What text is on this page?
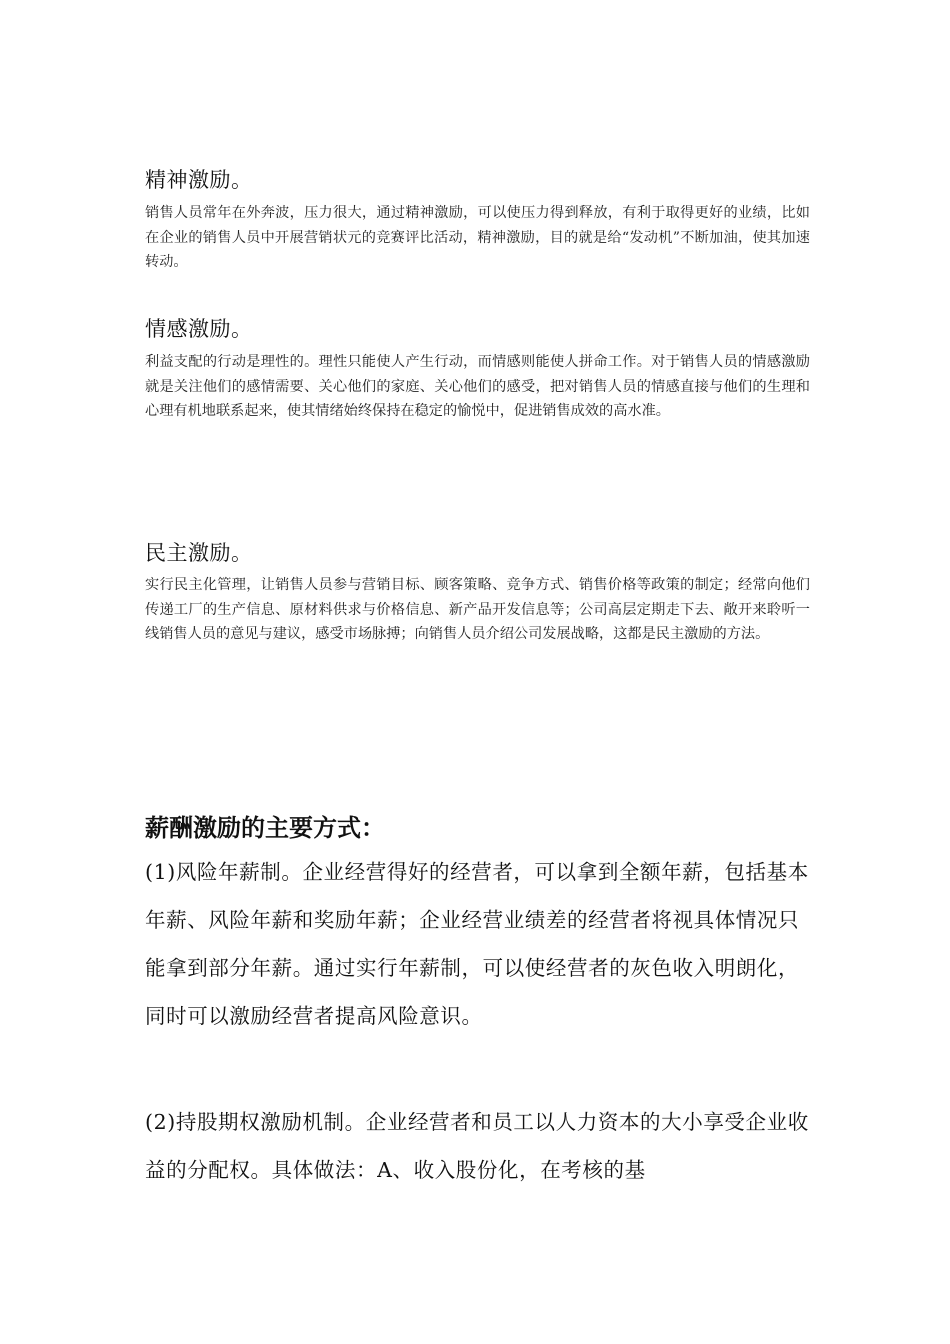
精神激励。

销售人员常年在外奔波，压力很大，通过精神激励，可以使压力得到释放，有利于取得更好的业绩，比如在企业的销售人员中开展营销状元的竞赛评比活动，精神激励，目的就是给“发动机”不断加油，使其加速转动。

情感激励。

利益支配的行动是理性的。理性只能使人产生行动，而情感则能使人拼命工作。对于销售人员的情感激励就是关注他们的感情需要、关心他们的家庭、关心他们的感受，把对销售人员的情感直接与他们的生理和心理有机地联系起来，使其情绪始终保持在稳定的愉悦中，促进销售成效的高水准。

民主激励。

实行民主化管理，让销售人员参与营销目标、顾客策略、竞争方式、销售价格等政策的制定；经常向他们传递工厂的生产信息、原材料供求与价格信息、新产品开发信息等；公司高层定期走下去、敞开来聆听一线销售人员的意见与建议，感受市场脉搏；向销售人员介绍公司发展战略，这都是民主激励的方法。

薪酬激励的主要方式：

(1)风险年薪制。企业经营得好的经营者，可以拿到全额年薪，包括基本年薪、风险年薪和奖励年薪；企业经营业绩差的经营者将视具体情况只能拿到部分年薪。通过实行年薪制，可以使经营者的灰色收入明朗化，同时可以激励经营者提高风险意识。

(2)持股期权激励机制。企业经营者和员工以人力资本的大小享受企业收益的分配权。具体做法：A、收入股份化，在考核的基
